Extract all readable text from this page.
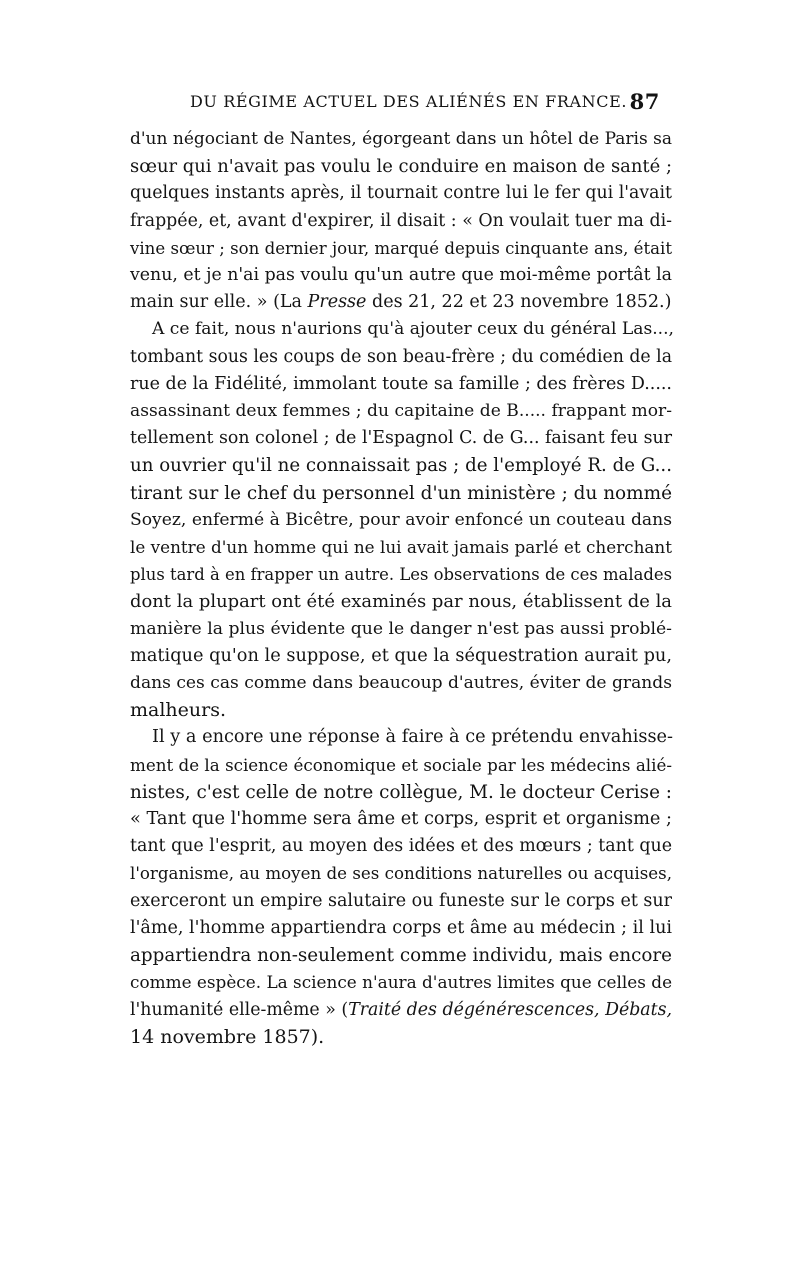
DU RÉGIME ACTUEL DES ALIÉNÉS EN FRANCE. 87
d'un négociant de Nantes, égorgeant dans un hôtel de Paris sa
sœur qui n'avait pas voulu le conduire en maison de santé ;
quelques instants après, il tournait contre lui le fer qui l'avait
frappée, et, avant d'expirer, il disait : « On voulait tuer ma di-
vine sœur ; son dernier jour, marqué depuis cinquante ans, était
venu, et je n'ai pas voulu qu'un autre que moi-même portât la
main sur elle. » (La Presse des 21, 22 et 23 novembre 1852.)
A ce fait, nous n'aurions qu'à ajouter ceux du général Las...,
tombant sous les coups de son beau-frère ; du comédien de la
rue de la Fidélité, immolant toute sa famille ; des frères D.....
assassinant deux femmes ; du capitaine de B..... frappant mor-
tellement son colonel ; de l'Espagnol C. de G... faisant feu sur
un ouvrier qu'il ne connaissait pas ; de l'employé R. de G...
tirant sur le chef du personnel d'un ministère ; du nommé
Soyez, enfermé à Bicêtre, pour avoir enfoncé un couteau dans
le ventre d'un homme qui ne lui avait jamais parlé et cherchant
plus tard à en frapper un autre. Les observations de ces malades
dont la plupart ont été examinés par nous, établissent de la
manière la plus évidente que le danger n'est pas aussi problé-
matique qu'on le suppose, et que la séquestration aurait pu,
dans ces cas comme dans beaucoup d'autres, éviter de grands
malheurs.
Il y a encore une réponse à faire à ce prétendu envahisse-
ment de la science économique et sociale par les médecins alié-
nistes, c'est celle de notre collègue, M. le docteur Cerise :
« Tant que l'homme sera âme et corps, esprit et organisme ;
tant que l'esprit, au moyen des idées et des mœurs ; tant que
l'organisme, au moyen de ses conditions naturelles ou acquises,
exerceront un empire salutaire ou funeste sur le corps et sur
l'âme, l'homme appartiendra corps et âme au médecin ; il lui
appartiendra non-seulement comme individu, mais encore
comme espèce. La science n'aura d'autres limites que celles de
l'humanité elle-même » (Traité des dégénérescences, Débats,
14 novembre 1857).
